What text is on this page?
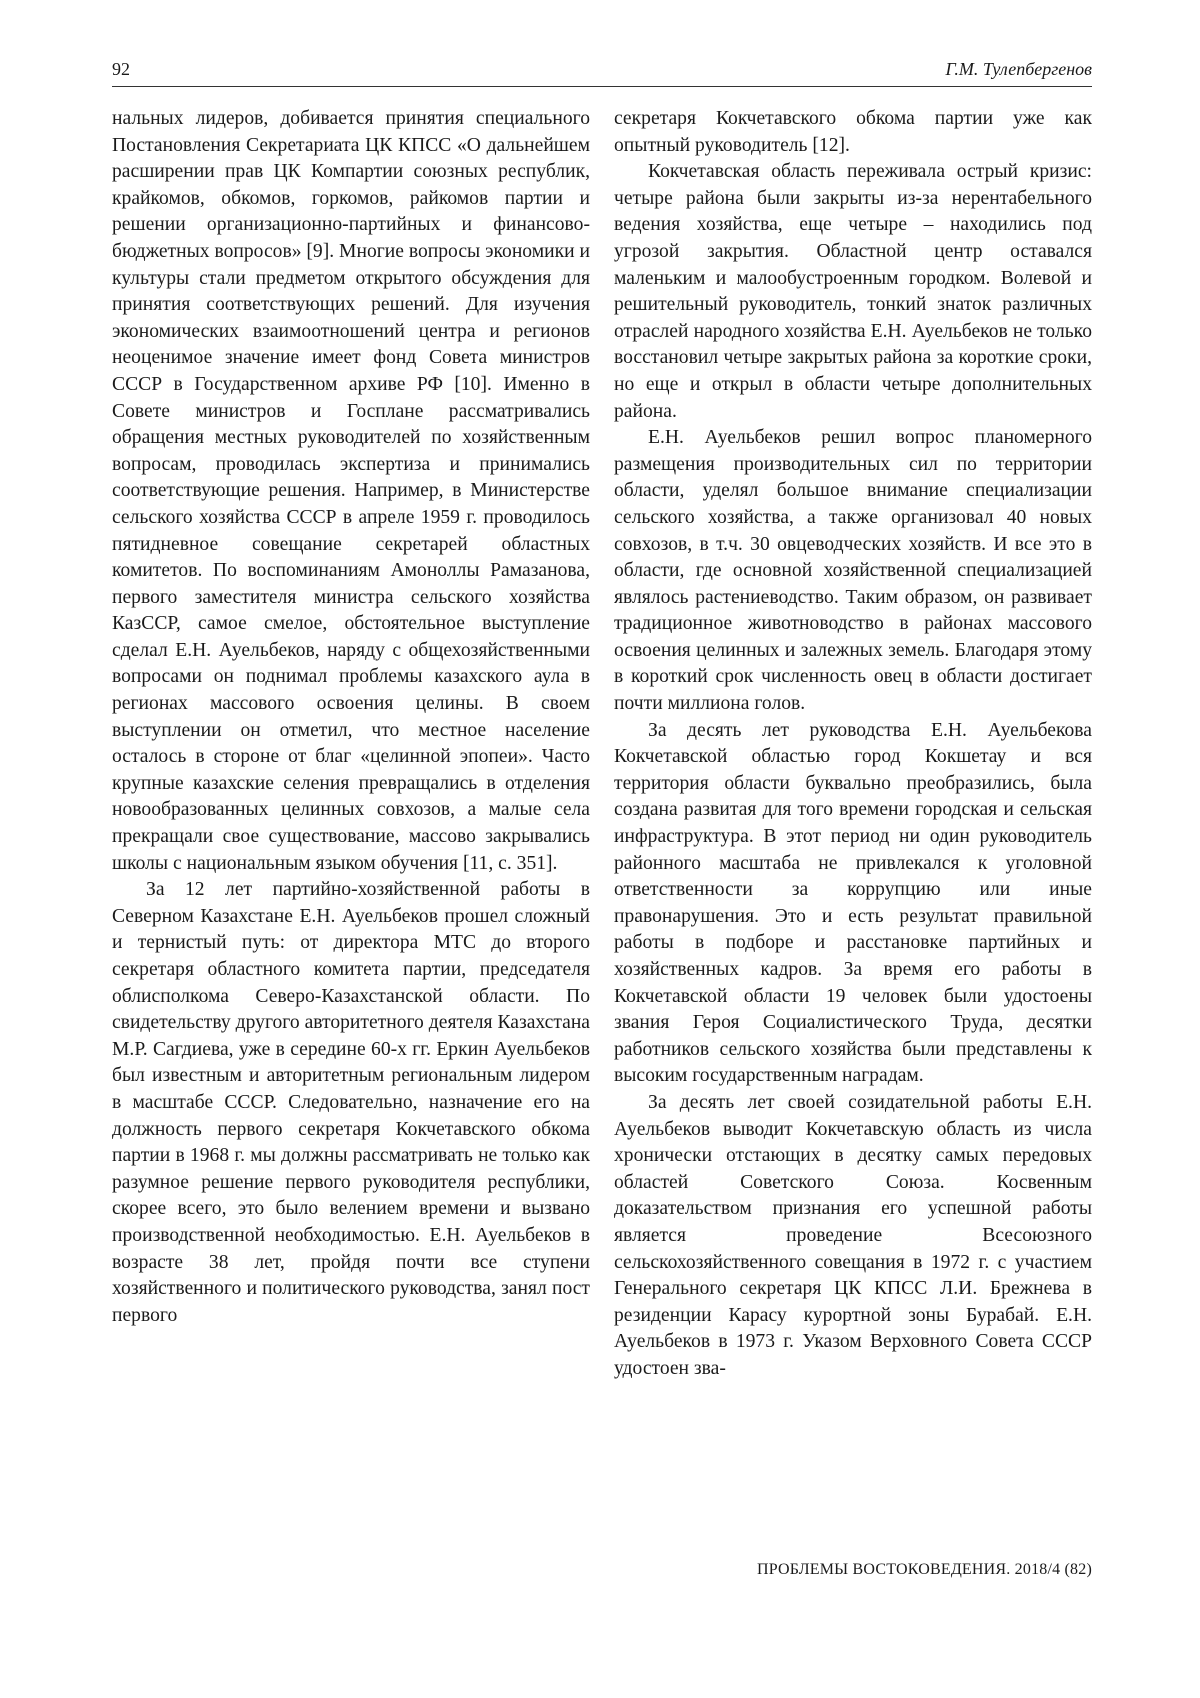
92	Г.М. Тулепбергенов

нальных лидеров, добивается принятия специального Постановления Секретариата ЦК КПСС «О дальнейшем расширении прав ЦК Компартии союзных республик, крайкомов, обкомов, горкомов, райкомов партии и решении организационно-партийных и финансово-бюджетных вопросов» [9]. Многие вопросы экономики и культуры стали предметом открытого обсуждения для принятия соответствующих решений. Для изучения экономических взаимоотношений центра и регионов неоценимое значение имеет фонд Совета министров СССР в Государственном архиве РФ [10]. Именно в Совете министров и Госплане рассматривались обращения местных руководителей по хозяйственным вопросам, проводилась экспертиза и принимались соответствующие решения. Например, в Министерстве сельского хозяйства СССР в апреле 1959 г. проводилось пятидневное совещание секретарей областных комитетов. По воспоминаниям Амоноллы Рамазанова, первого заместителя министра сельского хозяйства КазССР, самое смелое, обстоятельное выступление сделал Е.Н. Ауельбеков, наряду с общехозяйственными вопросами он поднимал проблемы казахского аула в регионах массового освоения целины. В своем выступлении он отметил, что местное население осталось в стороне от благ «целинной эпопеи». Часто крупные казахские селения превращались в отделения новообразованных целинных совхозов, а малые села прекращали свое существование, массово закрывались школы с национальным языком обучения [11, с. 351].

За 12 лет партийно-хозяйственной работы в Северном Казахстане Е.Н. Ауельбеков прошел сложный и тернистый путь: от директора МТС до второго секретаря областного комитета партии, председателя облисполкома Северо-Казахстанской области. По свидетельству другого авторитетного деятеля Казахстана М.Р. Сагдиева, уже в середине 60-х гг. Еркин Ауельбеков был известным и авторитетным региональным лидером в масштабе СССР. Следовательно, назначение его на должность первого секретаря Кокчетавского обкома партии в 1968 г. мы должны рассматривать не только как разумное решение первого руководителя республики, скорее всего, это было велением времени и вызвано производственной необходимостью. Е.Н. Ауельбеков в возрасте 38 лет, пройдя почти все ступени хозяйственного и политического руководства, занял пост первого

секретаря Кокчетавского обкома партии уже как опытный руководитель [12].

Кокчетавская область переживала острый кризис: четыре района были закрыты из-за нерентабельного ведения хозяйства, еще четыре – находились под угрозой закрытия. Областной центр оставался маленьким и малообустроенным городком. Волевой и решительный руководитель, тонкий знаток различных отраслей народного хозяйства Е.Н. Ауельбеков не только восстановил четыре закрытых района за короткие сроки, но еще и открыл в области четыре дополнительных района.

Е.Н. Ауельбеков решил вопрос планомерного размещения производительных сил по территории области, уделял большое внимание специализации сельского хозяйства, а также организовал 40 новых совхозов, в т.ч. 30 овцеводческих хозяйств. И все это в области, где основной хозяйственной специализацией являлось растениеводство. Таким образом, он развивает традиционное животноводство в районах массового освоения целинных и залежных земель. Благодаря этому в короткий срок численность овец в области достигает почти миллиона голов.

За десять лет руководства Е.Н. Ауельбекова Кокчетавской областью город Кокшетау и вся территория области буквально преобразились, была создана развитая для того времени городская и сельская инфраструктура. В этот период ни один руководитель районного масштаба не привлекался к уголовной ответственности за коррупцию или иные правонарушения. Это и есть результат правильной работы в подборе и расстановке партийных и хозяйственных кадров. За время его работы в Кокчетавской области 19 человек были удостоены звания Героя Социалистического Труда, десятки работников сельского хозяйства были представлены к высоким государственным наградам.

За десять лет своей созидательной работы Е.Н. Ауельбеков выводит Кокчетавскую область из числа хронически отстающих в десятку самых передовых областей Советского Союза. Косвенным доказательством признания его успешной работы является проведение Всесоюзного сельскохозяйственного совещания в 1972 г. с участием Генерального секретаря ЦК КПСС Л.И. Брежнева в резиденции Карасу курортной зоны Бурабай. Е.Н. Ауельбеков в 1973 г. Указом Верховного Совета СССР удостоен зва-

ПРОБЛЕМЫ ВОСТОКОВЕДЕНИЯ. 2018/4 (82)
